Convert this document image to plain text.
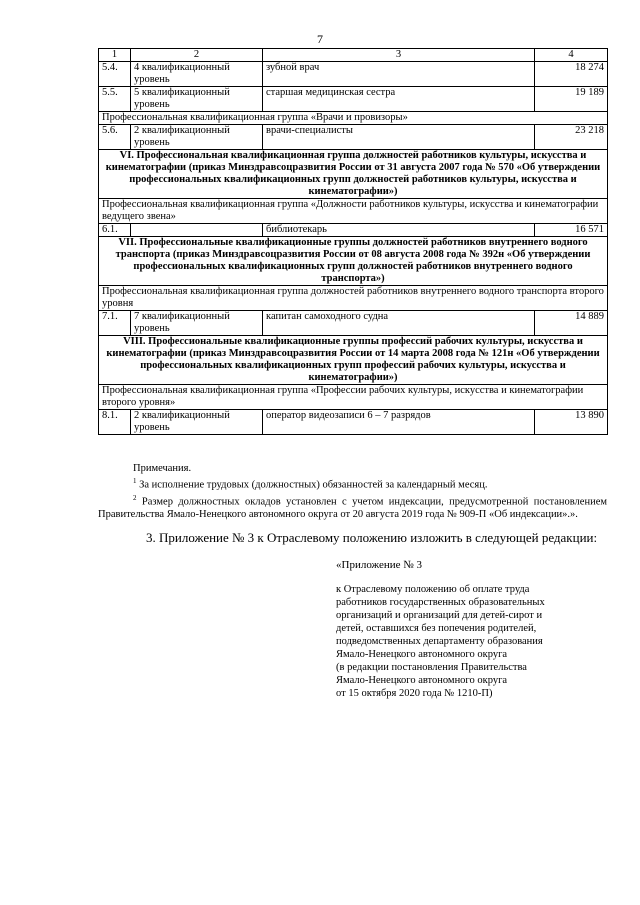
7
1	2	3	4
5.4.	4 квалификационный уровень	зубной врач	18 274
5.5.	5 квалификационный уровень	старшая медицинская сестра	19 189
Профессиональная квалификационная группа «Врачи и провизоры»			
5.6.	2 квалификационный уровень	врачи-специалисты	23 218
VI. Профессиональная квалификационная группа должностей работников культуры, искусства и кинематографии (приказ Минздравсоцразвития России от 31 августа 2007 года № 570 «Об утверждении профессиональных квалификационных групп должностей работников культуры, искусства и кинематографии»)			
Профессиональная квалификационная группа «Должности работников культуры, искусства и кинематографии ведущего звена»			
6.1.		библиотекарь	16 571
VII. Профессиональные квалификационные группы должностей работников внутреннего водного транспорта (приказ Минздравсоцразвития России от 08 августа 2008 года № 392н «Об утверждении профессиональных квалификационных групп должностей работников внутреннего водного транспорта»)			
Профессиональная квалификационная группа должностей работников внутреннего водного транспорта второго уровня			
7.1.	7 квалификационный уровень	капитан самоходного судна	14 889
VIII. Профессиональные квалификационные группы профессий рабочих культуры, искусства и кинематографии (приказ Минздравсоцразвития России от 14 марта 2008 года № 121н «Об утверждении профессиональных квалификационных групп профессий рабочих культуры, искусства и кинематографии»)			
Профессиональная квалификационная группа «Профессии рабочих культуры, искусства и кинематографии второго уровня»			
8.1.	2 квалификационный уровень	оператор видеозаписи 6 – 7 разрядов	13 890

Примечания.

$^1$ За исполнение трудовых (должностных) обязанностей за календарный месяц.

$^2$ Размер должностных окладов установлен с учетом индексации, предусмотренной постановлением Правительства Ямало-Ненецкого автономного округа от 20 августа 2019 года № 909-П «Об индексации».».

3. Приложение № 3 к Отраслевому положению изложить в следующей редакции:
«Приложение № 3
к Отраслевому положению об оплате труда
работников государственных образовательных
организаций и организаций для детей-сирот и
детей, оставшихся без попечения родителей,
подведомственных департаменту образования
Ямало-Ненецкого автономного округа
(в редакции постановления Правительства
Ямало-Ненецкого автономного округа
от 15 октября 2020 года № 1210-П)
